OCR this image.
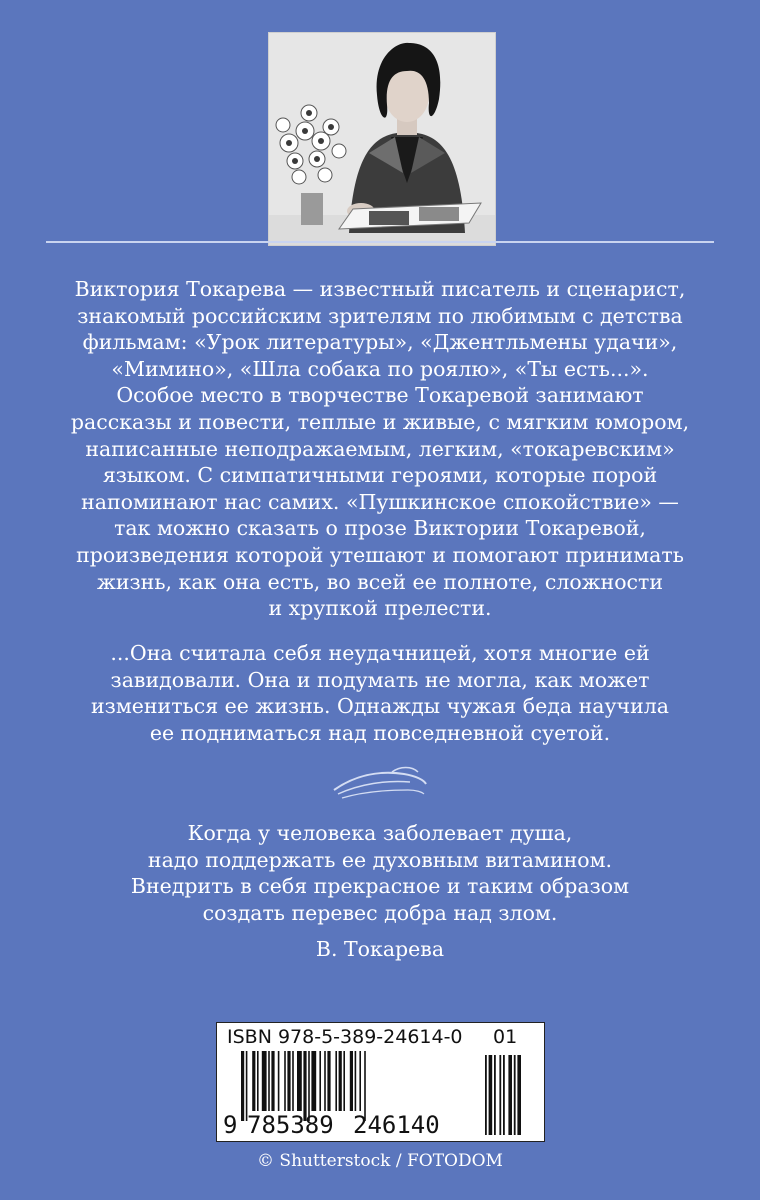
Виктория Токарева — известный писатель и сценарист,
знакомый российским зрителям по любимым с детства
фильмам: «Урок литературы», «Джентльмены удачи»,
«Мимино», «Шла собака по роялю», «Ты есть...».
Особое место в творчестве Токаревой занимают
рассказы и повести, теплые и живые, с мягким юмором,
написанные неподражаемым, легким, «токаревским»
языком. С симпатичными героями, которые порой
напоминают нас самих. «Пушкинское спокойствие» —
так можно сказать о прозе Виктории Токаревой,
произведения которой утешают и помогают принимать
жизнь, как она есть, во всей ее полноте, сложности
и хрупкой прелести.

...Она считала себя неудачницей, хотя многие ей
завидовали. Она и подумать не могла, как может
измениться ее жизнь. Однажды чужая беда научила
ее подниматься над повседневной суетой.

Когда у человека заболевает душа,
надо поддержать ее духовным витамином.
Внедрить в себя прекрасное и таким образом
создать перевес добра над злом.

В. Токарева
ISBN 978-5-389-24614-0 01
9 785389 246140
© Shutterstock / FOTODOM
